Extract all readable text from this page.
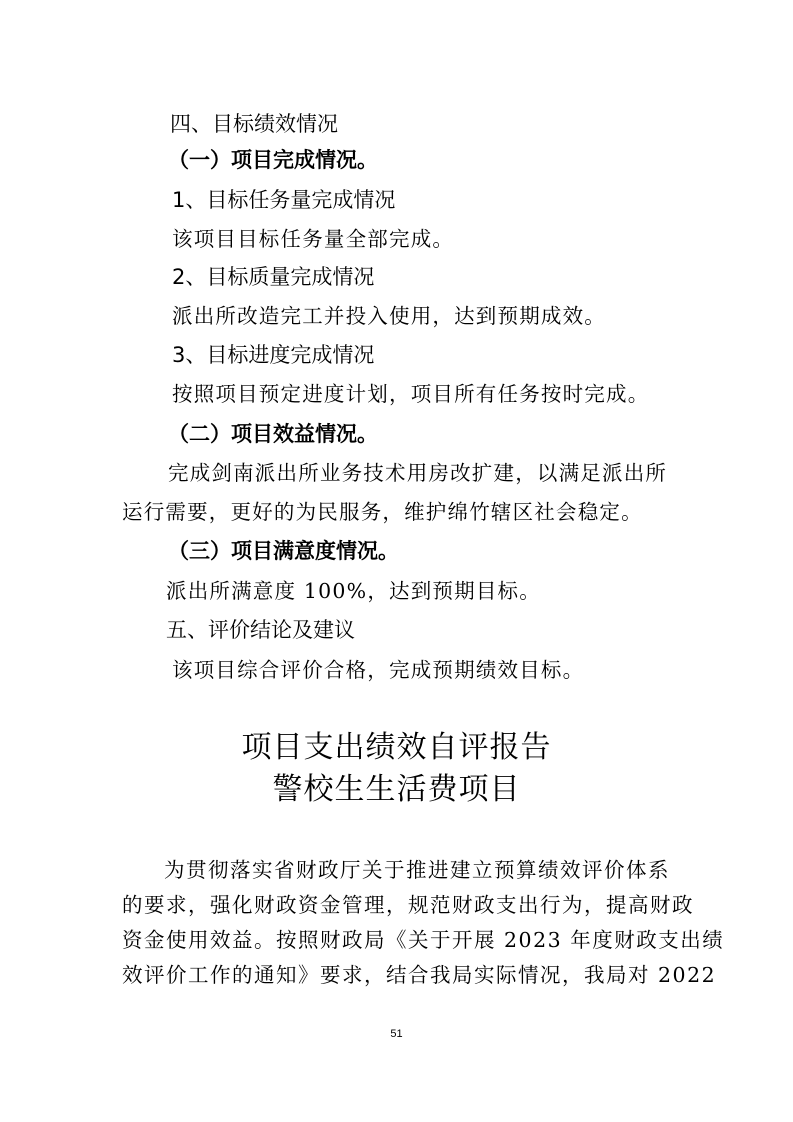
四、目标绩效情况
（一）项目完成情况。
1、目标任务量完成情况
该项目目标任务量全部完成。
2、目标质量完成情况
派出所改造完工并投入使用，达到预期成效。
3、目标进度完成情况
按照项目预定进度计划，项目所有任务按时完成。
（二）项目效益情况。
完成剑南派出所业务技术用房改扩建，以满足派出所
运行需要，更好的为民服务，维护绵竹辖区社会稳定。
（三）项目满意度情况。
派出所满意度 100%，达到预期目标。
五、评价结论及建议
该项目综合评价合格，完成预期绩效目标。
项目支出绩效自评报告
警校生生活费项目
为贯彻落实省财政厅关于推进建立预算绩效评价体系
的要求，强化财政资金管理，规范财政支出行为，提高财政
资金使用效益。按照财政局《关于开展 2023 年度财政支出绩
效评价工作的通知》要求，结合我局实际情况，我局对 2022
51
